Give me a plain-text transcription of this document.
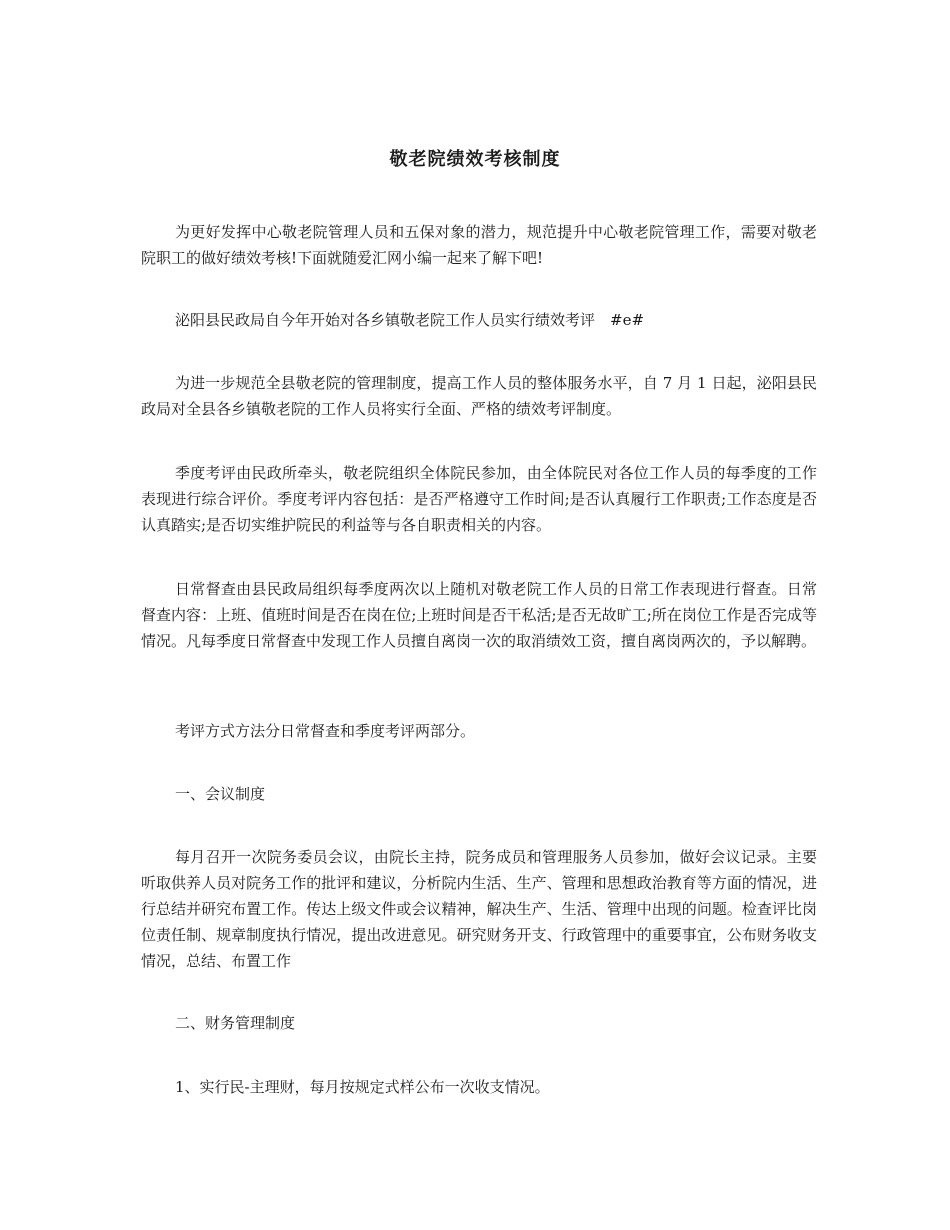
敬老院绩效考核制度

为更好发挥中心敬老院管理人员和五保对象的潜力，规范提升中心敬老院管理工作，需要对敬老院职工的做好绩效考核!下面就随爱汇网小编一起来了解下吧!

泌阳县民政局自今年开始对各乡镇敬老院工作人员实行绩效考评　#e#

为进一步规范全县敬老院的管理制度，提高工作人员的整体服务水平，自 7 月 1 日起，泌阳县民政局对全县各乡镇敬老院的工作人员将实行全面、严格的绩效考评制度。

季度考评由民政所牵头，敬老院组织全体院民参加，由全体院民对各位工作人员的每季度的工作表现进行综合评价。季度考评内容包括：是否严格遵守工作时间;是否认真履行工作职责;工作态度是否认真踏实;是否切实维护院民的利益等与各自职责相关的内容。

日常督查由县民政局组织每季度两次以上随机对敬老院工作人员的日常工作表现进行督查。日常督查内容：上班、值班时间是否在岗在位;上班时间是否干私活;是否无故旷工;所在岗位工作是否完成等情况。凡每季度日常督查中发现工作人员擅自离岗一次的取消绩效工资，擅自离岗两次的，予以解聘。

考评方式方法分日常督查和季度考评两部分。

一、会议制度

每月召开一次院务委员会议，由院长主持，院务成员和管理服务人员参加，做好会议记录。主要听取供养人员对院务工作的批评和建议，分析院内生活、生产、管理和思想政治教育等方面的情况，进行总结并研究布置工作。传达上级文件或会议精神，解决生产、生活、管理中出现的问题。检查评比岗位责任制、规章制度执行情况，提出改进意见。研究财务开支、行政管理中的重要事宜，公布财务收支情况，总结、布置工作

二、财务管理制度

1、实行民-主理财，每月按规定式样公布一次收支情况。
